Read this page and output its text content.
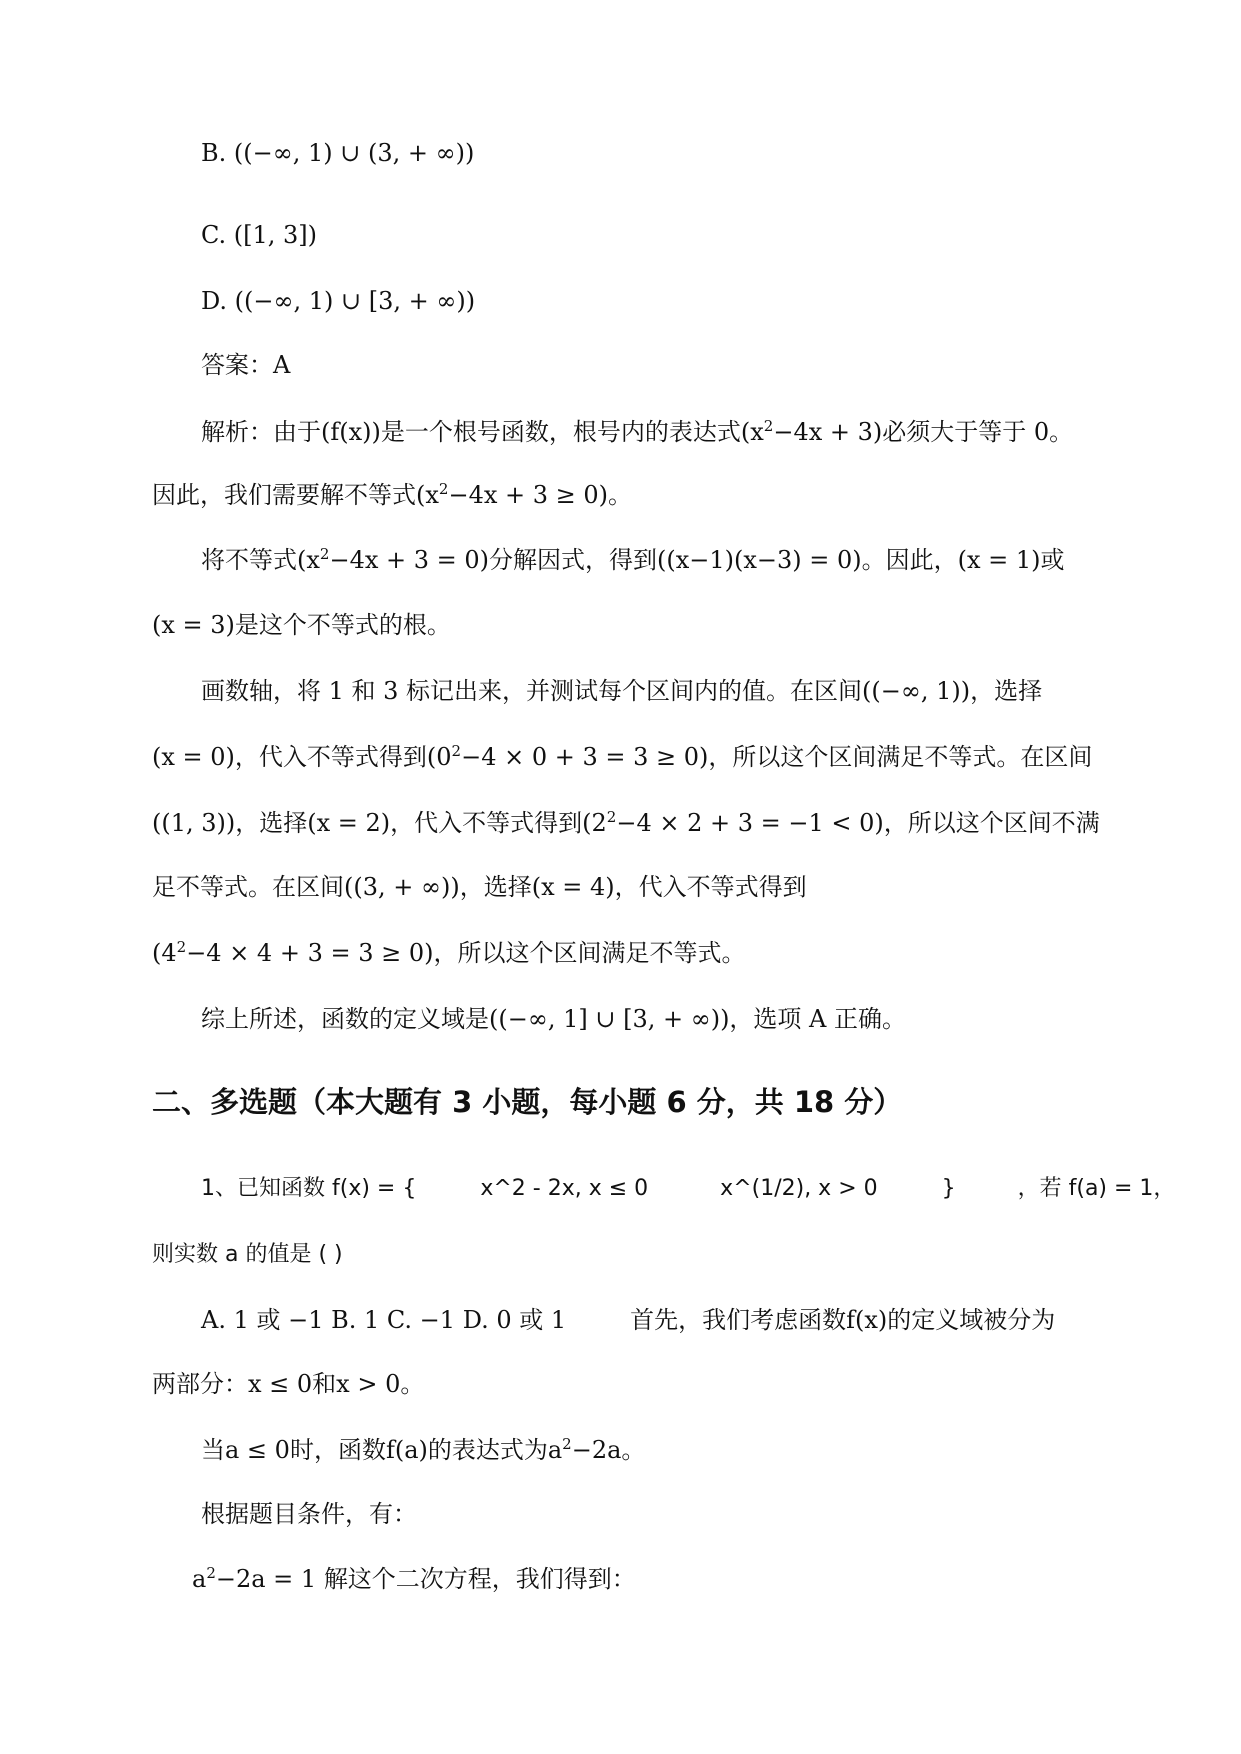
B. ((−∞, 1) ∪ (3, + ∞))
C. ([1, 3])
D. ((−∞, 1) ∪ [3, + ∞))
答案：A
解析：由于(f(x))是一个根号函数，根号内的表达式$(x^2-4x + 3)$必须大于等于 0。
因此，我们需要解不等式$(x^2-4x + 3 \ge 0)$。
将不等式$(x^2-4x + 3 = 0)$分解因式，得到((x−1)(x−3) = 0)。因此，(x = 1)或
(x = 3)是这个不等式的根。
画数轴，将 1 和 3 标记出来，并测试每个区间内的值。在区间((−∞, 1))，选择
(x = 0)，代入不等式得到$(0^2-4 \times 0 + 3 = 3 \ge 0)$，所以这个区间满足不等式。在区间
((1, 3))，选择(x = 2)，代入不等式得到$(2^2-4 \times 2 + 3 = -1 < 0)$，所以这个区间不满
足不等式。在区间((3, + ∞))，选择(x = 4)，代入不等式得到
$(4^2-4 \times 4 + 3 = 3 \ge 0)$，所以这个区间满足不等式。
综上所述，函数的定义域是((−∞, 1] ∪ [3, + ∞))，选项 A 正确。
二、多选题（本大题有 3 小题，每小题 6 分，共 18 分）
1、已知函数 f(x) = {	x^2 - 2x, x ≤ 0	x^(1/2), x > 0	}	，若 f(a) = 1，
则实数 a 的值是 ( )
A. 1 或 −1 B. 1 C. −1 D. 0 或 1	首先，我们考虑函数f(x)的定义域被分为
两部分：x ≤ 0和x > 0。
当a ≤ 0时，函数f(a)的表达式为$a^2-2a$。
根据题目条件，有：
$a^2-2a = 1$ 解这个二次方程，我们得到：
